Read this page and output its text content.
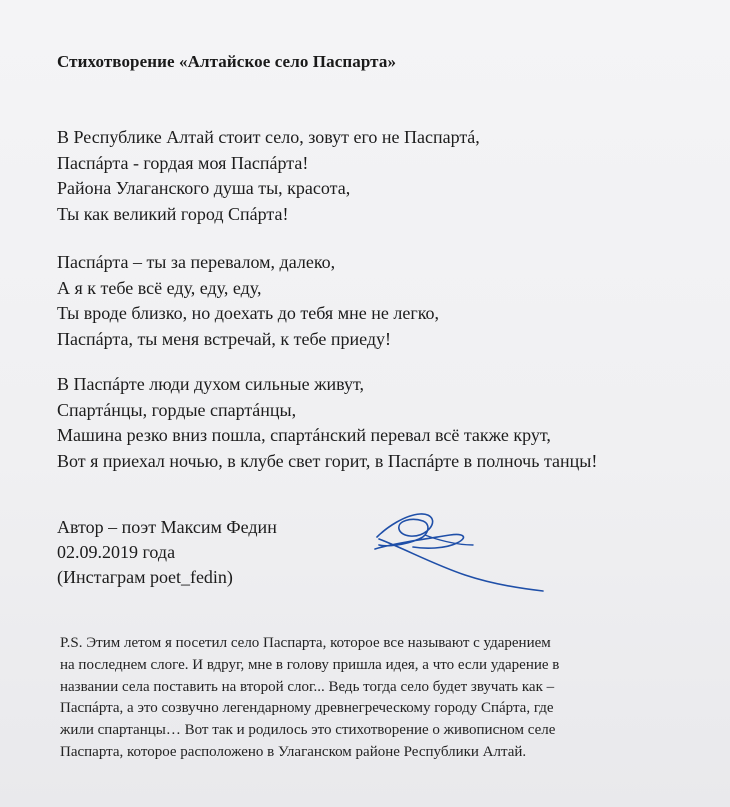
Стихотворение «Алтайское село Паспарта»
В Республике Алтай стоит село, зовут его не Паспартá,
Паспáрта - гордая моя Паспáрта!
Района Улаганского душа ты, красота,
Ты как великий город Спáрта!
Паспáрта – ты за перевалом, далеко,
А я к тебе всё еду, еду, еду,
Ты вроде близко, но доехать до тебя мне не легко,
Паспáрта, ты меня встречай, к тебе приеду!
В Паспáрте люди духом сильные живут,
Спартáнцы, гордые спартáнцы,
Машина резко вниз пошла, спартáнский перевал всё также крут,
Вот я приехал ночью, в клубе свет горит, в Паспáрте в полночь танцы!
Автор – поэт Максим Федин
02.09.2019 года
(Инстаграм poet_fedin)
P.S. Этим летом я посетил село Паспарта, которое все называют с ударением
на последнем слоге. И вдруг, мне в голову пришла идея, а что если ударение в
названии села поставить на второй слог... Ведь тогда село будет звучать как –
Паспáрта, а это созвучно легендарному древнегреческому городу Спáрта, где
жили спартанцы… Вот так и родилось это стихотворение о живописном селе
Паспарта, которое расположено в Улаганском районе Республики Алтай.
